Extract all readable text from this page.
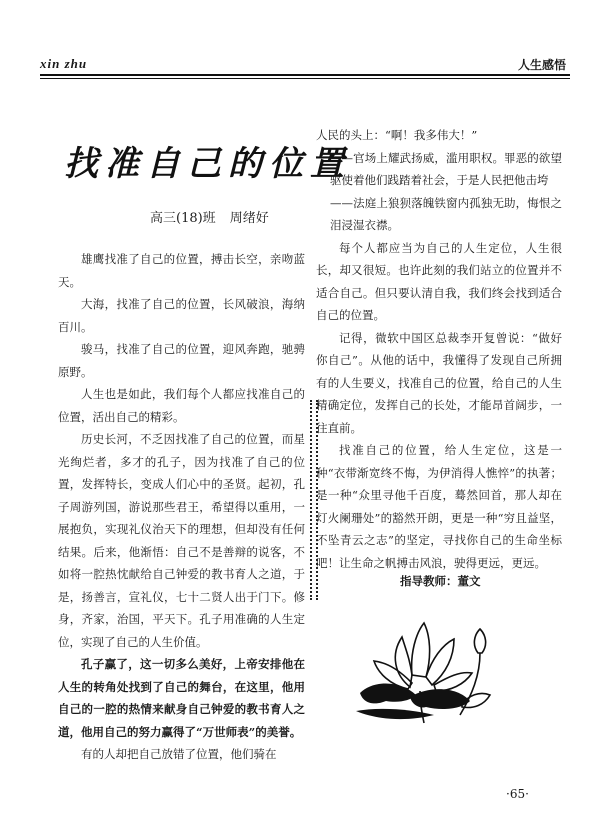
xin zhu	人生感悟
找准自己的位置
高三(18)班 周绪好

雄鹰找准了自己的位置，搏击长空，亲吻蓝天。

大海，找准了自己的位置，长风破浪，海纳百川。

骏马，找准了自己的位置，迎风奔跑，驰骋原野。

人生也是如此，我们每个人都应找准自己的位置，活出自己的精彩。

历史长河，不乏因找准了自己的位置，而星光绚烂者，多才的孔子，因为找准了自己的位置，发挥特长，变成人们心中的圣贤。起初，孔子周游列国，游说那些君王，希望得以重用，一展抱负，实现礼仪治天下的理想，但却没有任何结果。后来，他渐悟：自己不是善辩的说客，不如将一腔热忱献给自己钟爱的教书育人之道，于是，扬善言，宣礼仪，七十二贤人出于门下。修身，齐家，治国，平天下。孔子用准确的人生定位，实现了自己的人生价值。

孔子赢了，这一切多么美好，上帝安排他在人生的转角处找到了自己的舞台，在这里，他用自己的一腔的热情来献身自己钟爱的教书育人之道，他用自己的努力赢得了“万世师表”的美誉。

有的人却把自己放错了位置，他们骑在

人民的头上：“啊！我多伟大！”

——官场上耀武扬威，滥用职权。罪恶的欲望驱使着他们践踏着社会，于是人民把他击垮

——法庭上狼狈落魄铁窗内孤独无助，悔恨之泪浸湿衣襟。

每个人都应当为自己的人生定位，人生很长，却又很短。也许此刻的我们站立的位置并不适合自己。但只要认清自我，我们终会找到适合自己的位置。

记得，微软中国区总裁李开复曾说：“做好你自己”。从他的话中，我懂得了发现自己所拥有的人生要义，找准自己的位置，给自己的人生精确定位，发挥自己的长处，才能昂首阔步，一往直前。

找准自己的位置，给人生定位，这是一种“衣带渐宽终不悔，为伊消得人憔悴”的执著；是一种“众里寻他千百度，蓦然回首，那人却在灯火阑珊处”的豁然开朗，更是一种“穷且益坚，不坠青云之志”的坚定，寻找你自己的生命坐标吧！让生命之帆搏击风浪，驶得更远，更远。

指导教师：董文
·65·
